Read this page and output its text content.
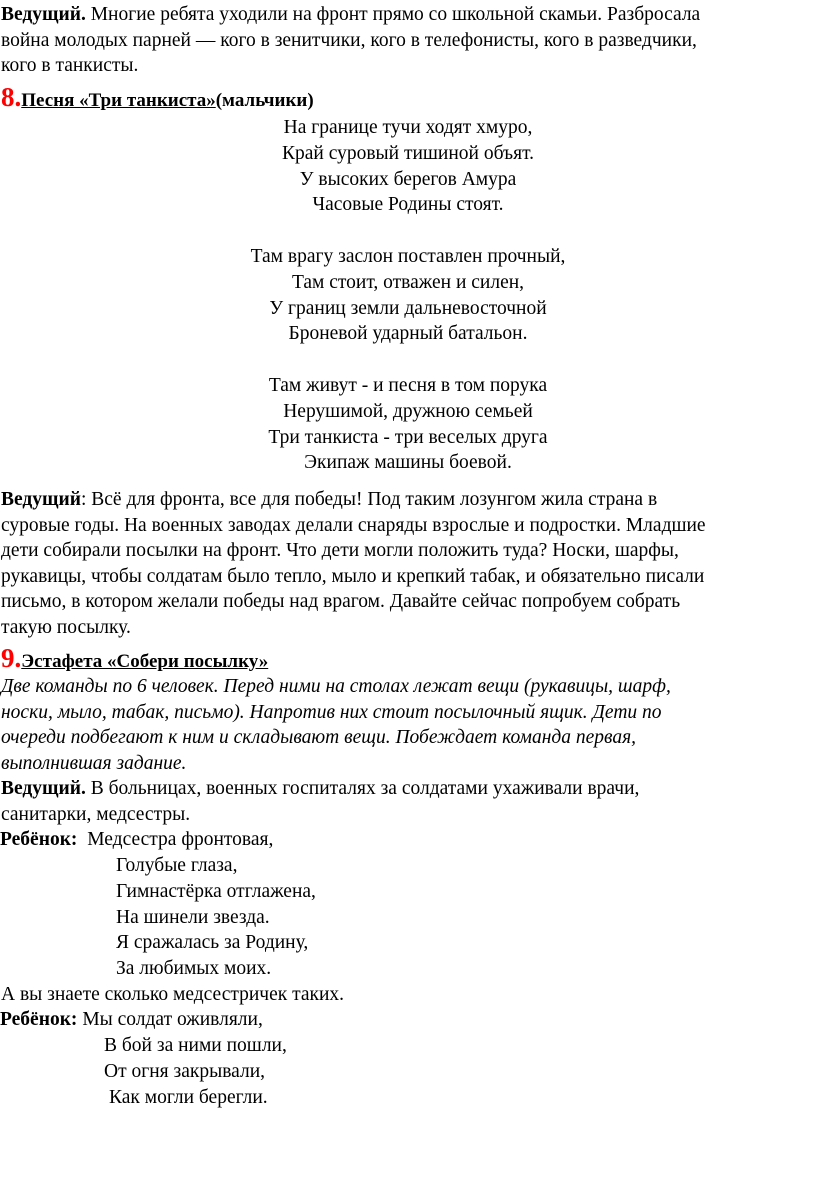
Ведущий. Многие ребята уходили на фронт прямо со школьной скамьи. Разбросала

война молодых парней — кого в зенитчики, кого в телефонисты, кого в разведчики,

кого в танкисты.

8. Песня «Три танкиста» (мальчики)
На границе тучи ходят хмуро,
Край суровый тишиной объят.
У высоких берегов Амура
Часовые Родины стоят.
Там врагу заслон поставлен прочный,
Там стоит, отважен и силен,
У границ земли дальневосточной
Броневой ударный батальон.
Там живут - и песня в том порука
Нерушимой, дружною семьей
Три танкиста - три веселых друга
Экипаж машины боевой.

Ведущий: Всё для фронта, все для победы! Под таким лозунгом жила страна в

суровые годы. На военных заводах делали снаряды взрослые и подростки. Младшие

дети собирали посылки на фронт. Что дети могли положить туда? Носки, шарфы,

рукавицы, чтобы солдатам было тепло, мыло и крепкий табак, и обязательно писали

письмо, в котором желали победы над врагом. Давайте сейчас попробуем собрать

такую посылку.

9. Эстафета «Собери посылку»

Две команды по 6 человек. Перед ними на столах лежат вещи (рукавицы, шарф,

носки, мыло, табак, письмо). Напротив них стоит посылочный ящик. Дети по

очереди подбегают к ним и складывают вещи. Побеждает команда первая,

выполнившая задание.

Ведущий. В больницах, военных госпиталях за солдатами ухаживали врачи,

санитарки, медсестры.

Ребёнок:  Медсестра фронтовая,

Голубые глаза,

Гимнастёрка отглажена,

На шинели звезда.

Я сражалась за Родину,

За любимых моих.

А вы знаете сколько медсестричек таких.

Ребёнок: Мы солдат оживляли,

В бой за ними пошли,

От огня закрывали,

Как могли берегли.
